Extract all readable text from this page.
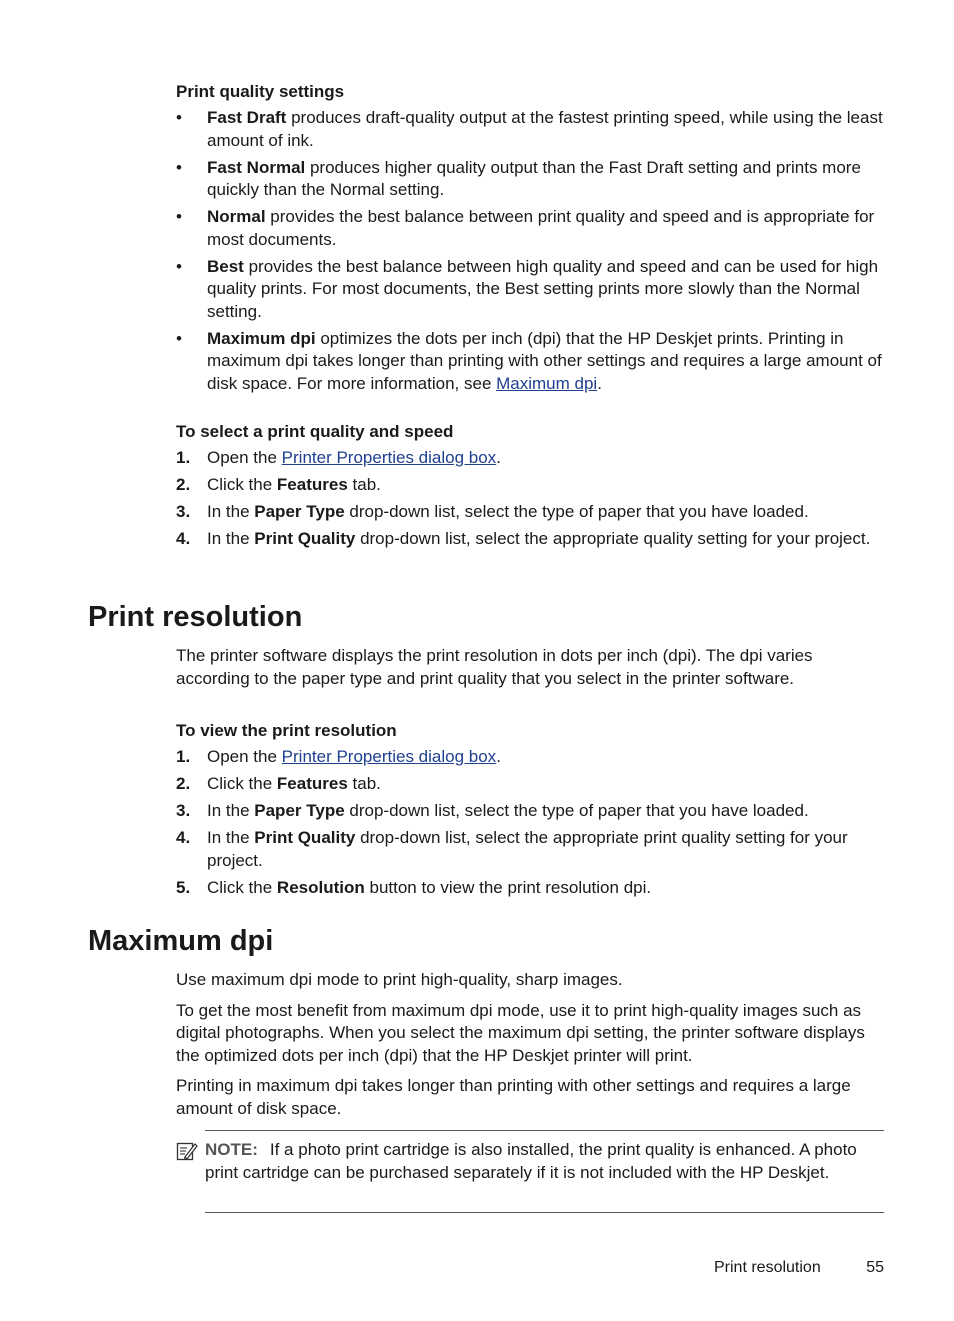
Print quality settings

• Fast Draft produces draft-quality output at the fastest printing speed, while using the least amount of ink.
• Fast Normal produces higher quality output than the Fast Draft setting and prints more quickly than the Normal setting.
• Normal provides the best balance between print quality and speed and is appropriate for most documents.
• Best provides the best balance between high quality and speed and can be used for high quality prints. For most documents, the Best setting prints more slowly than the Normal setting.
• Maximum dpi optimizes the dots per inch (dpi) that the HP Deskjet prints. Printing in maximum dpi takes longer than printing with other settings and requires a large amount of disk space. For more information, see Maximum dpi.

To select a print quality and speed

1. Open the Printer Properties dialog box.
2. Click the Features tab.
3. In the Paper Type drop-down list, select the type of paper that you have loaded.
4. In the Print Quality drop-down list, select the appropriate quality setting for your project.
Print resolution

The printer software displays the print resolution in dots per inch (dpi). The dpi varies according to the paper type and print quality that you select in the printer software.

To view the print resolution

1. Open the Printer Properties dialog box.
2. Click the Features tab.
3. In the Paper Type drop-down list, select the type of paper that you have loaded.
4. In the Print Quality drop-down list, select the appropriate print quality setting for your project.
5. Click the Resolution button to view the print resolution dpi.
Maximum dpi

Use maximum dpi mode to print high-quality, sharp images.

To get the most benefit from maximum dpi mode, use it to print high-quality images such as digital photographs. When you select the maximum dpi setting, the printer software displays the optimized dots per inch (dpi) that the HP Deskjet printer will print.

Printing in maximum dpi takes longer than printing with other settings and requires a large amount of disk space.

NOTE: If a photo print cartridge is also installed, the print quality is enhanced. A photo print cartridge can be purchased separately if it is not included with the HP Deskjet.
Print resolution	55
